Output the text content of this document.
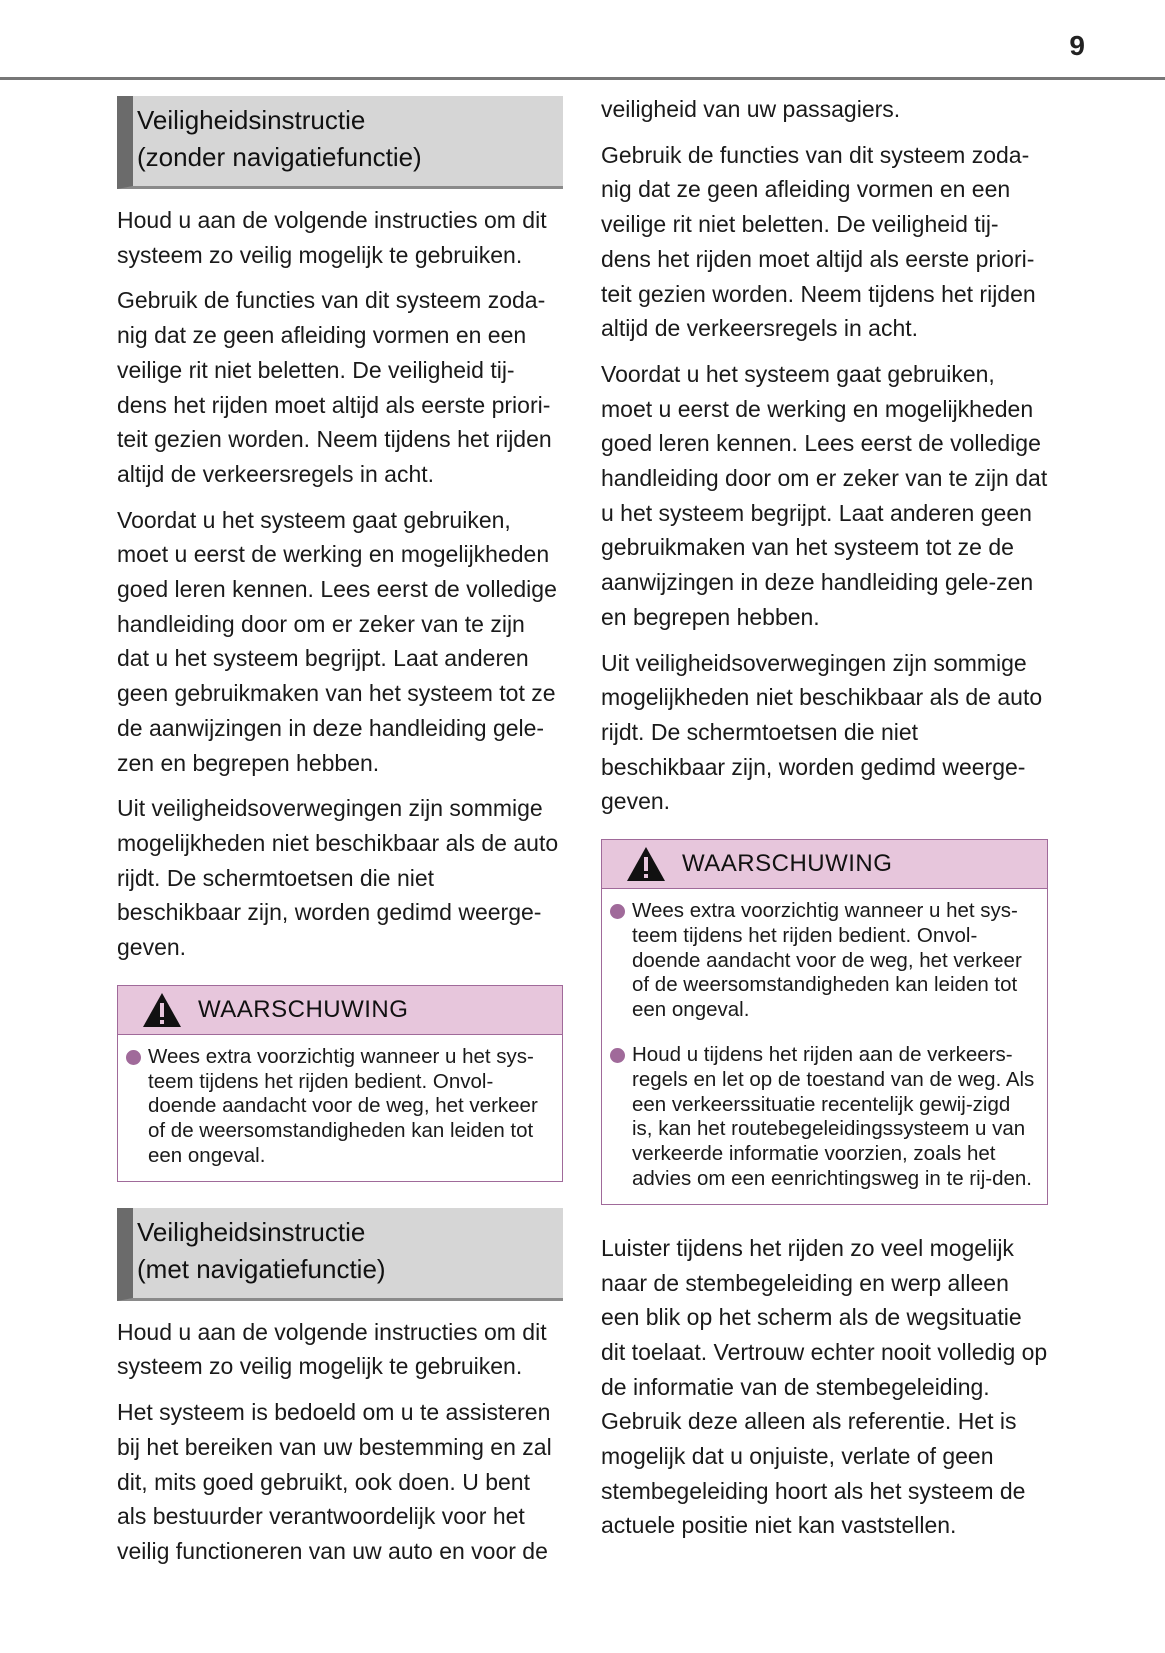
9
Veiligheidsinstructie
(zonder navigatiefunctie)

Houd u aan de volgende instructies om dit systeem zo veilig mogelijk te gebruiken.

Gebruik de functies van dit systeem zoda-nig dat ze geen afleiding vormen en een veilige rit niet beletten. De veiligheid tij-dens het rijden moet altijd als eerste priori-teit gezien worden. Neem tijdens het rijden altijd de verkeersregels in acht.

Voordat u het systeem gaat gebruiken, moet u eerst de werking en mogelijkheden goed leren kennen. Lees eerst de volledige handleiding door om er zeker van te zijn dat u het systeem begrijpt. Laat anderen geen gebruikmaken van het systeem tot ze de aanwijzingen in deze handleiding gele-zen en begrepen hebben.

Uit veiligheidsoverwegingen zijn sommige mogelijkheden niet beschikbaar als de auto rijdt. De schermtoetsen die niet beschikbaar zijn, worden gedimd weerge-geven.

WAARSCHUWING
Wees extra voorzichtig wanneer u het sys-teem tijdens het rijden bedient. Onvol-doende aandacht voor de weg, het verkeer of de weersomstandigheden kan leiden tot een ongeval.
Veiligheidsinstructie
(met navigatiefunctie)

Houd u aan de volgende instructies om dit systeem zo veilig mogelijk te gebruiken.

Het systeem is bedoeld om u te assisteren bij het bereiken van uw bestemming en zal dit, mits goed gebruikt, ook doen. U bent als bestuurder verantwoordelijk voor het veilig functioneren van uw auto en voor de

veiligheid van uw passagiers.

Gebruik de functies van dit systeem zoda-nig dat ze geen afleiding vormen en een veilige rit niet beletten. De veiligheid tij-dens het rijden moet altijd als eerste priori-teit gezien worden. Neem tijdens het rijden altijd de verkeersregels in acht.

Voordat u het systeem gaat gebruiken, moet u eerst de werking en mogelijkheden goed leren kennen. Lees eerst de volledige handleiding door om er zeker van te zijn dat u het systeem begrijpt. Laat anderen geen gebruikmaken van het systeem tot ze de aanwijzingen in deze handleiding gele-zen en begrepen hebben.

Uit veiligheidsoverwegingen zijn sommige mogelijkheden niet beschikbaar als de auto rijdt. De schermtoetsen die niet beschikbaar zijn, worden gedimd weerge-geven.

WAARSCHUWING
Wees extra voorzichtig wanneer u het sys-teem tijdens het rijden bedient. Onvol-doende aandacht voor de weg, het verkeer of de weersomstandigheden kan leiden tot een ongeval.
Houd u tijdens het rijden aan de verkeers-regels en let op de toestand van de weg. Als een verkeerssituatie recentelijk gewij-zigd is, kan het routebegeleidingssysteem u van verkeerde informatie voorzien, zoals het advies om een eenrichtingsweg in te rij-den.

Luister tijdens het rijden zo veel mogelijk naar de stembegeleiding en werp alleen een blik op het scherm als de wegsituatie dit toelaat. Vertrouw echter nooit volledig op de informatie van de stembegeleiding. Gebruik deze alleen als referentie. Het is mogelijk dat u onjuiste, verlate of geen stembegeleiding hoort als het systeem de actuele positie niet kan vaststellen.
